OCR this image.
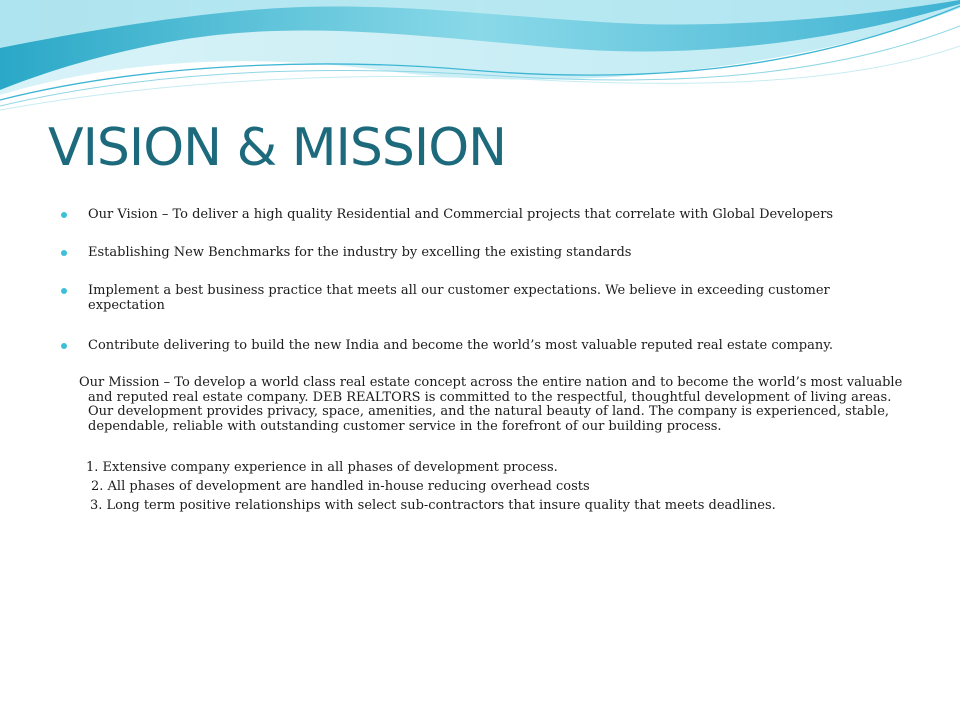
VISION & MISSION
Our Vision – To deliver a high quality Residential and Commercial projects that correlate with Global Developers
Establishing New Benchmarks for the industry by excelling the existing standards
Implement a best business practice that meets all our customer expectations. We believe in exceeding customer expectation
Contribute delivering to build the new India and become the world’s most valuable reputed real estate company.

Our Mission – To develop a world class real estate concept across the entire nation and to become the world’s most valuable and reputed real estate company. DEB REALTORS is committed to the respectful, thoughtful development of living areas. Our development provides privacy, space, amenities, and the natural beauty of land. The company is experienced, stable, dependable, reliable with outstanding customer service in the forefront of our building process.

1. Extensive company experience in all phases of development process.
2. All phases of development are handled in-house reducing overhead costs
3. Long term positive relationships with select sub-contractors that insure quality that meets deadlines.
